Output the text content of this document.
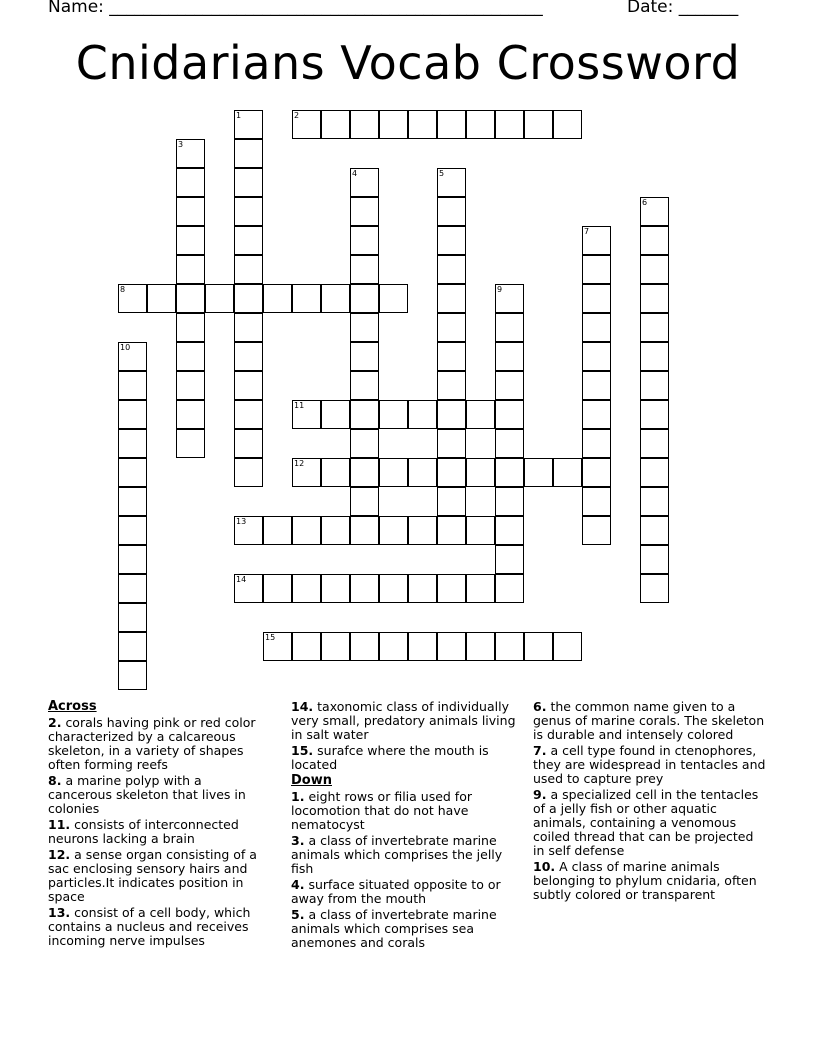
Name: ___________________________________________________	Date: _______
Cnidarians Vocab Crossword
2
8
11
12
13
14
15
1
3
4	5
6
7
9
10

Across

2. corals having pink or red color characterized by a calcareous skeleton, in a variety of shapes often forming reefs

8. a marine polyp with a cancerous skeleton that lives in colonies

11. consists of interconnected neurons lacking a brain

12. a sense organ consisting of a sac enclosing sensory hairs and particles.It indicates position in space

13. consist of a cell body, which contains a nucleus and receives incoming nerve impulses

14. taxonomic class of individually very small, predatory animals living in salt water

15. surafce where the mouth is located

Down

1. eight rows or filia used for locomotion that do not have nematocyst

3. a class of invertebrate marine animals which comprises the jelly fish

4. surface situated opposite to or away from the mouth

5. a class of invertebrate marine animals which comprises sea anemones and corals

6. the common name given to a genus of marine corals. The skeleton is durable and intensely colored

7. a cell type found in ctenophores, they are widespread in tentacles and used to capture prey

9. a specialized cell in the tentacles of a jelly fish or other aquatic animals, containing a venomous coiled thread that can be projected in self defense

10. A class of marine animals belonging to phylum cnidaria, often subtly colored or transparent
